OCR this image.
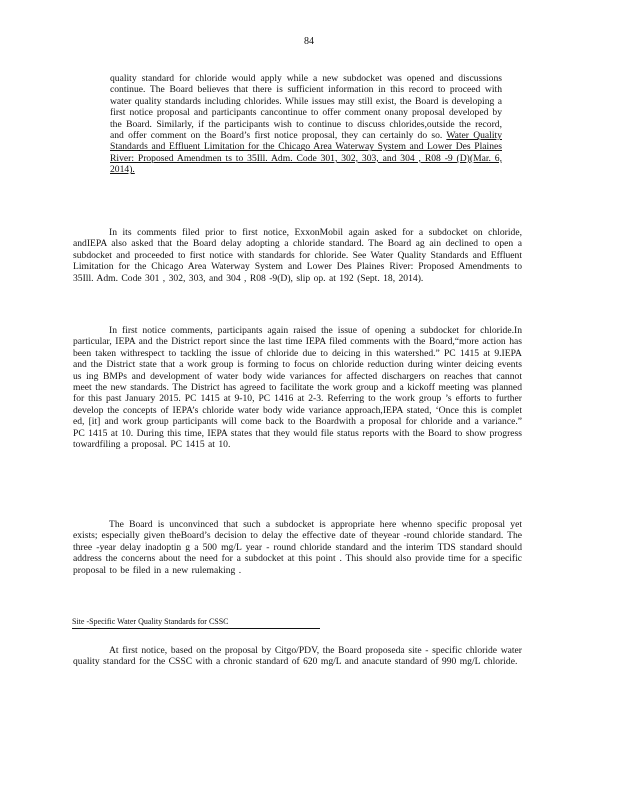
84

quality standard for chloride would apply while a new subdocket was opened and discussions continue. The Board believes that there is sufficient information in this record to proceed with water quality standards including chlorides. While issues may still exist, the Board is developing a first notice proposal and participants cancontinue to offer comment onany proposal developed by the Board. Similarly, if the participants wish to continue to discuss chlorides,outside the record, and offer comment on the Board’s first notice proposal, they can certainly do so. Water Quality Standards and Effluent Limitation for the Chicago Area Waterway System and Lower Des Plaines River: Proposed Amendmen ts to 35Ill. Adm. Code 301, 302, 303, and 304 , R08 -9 (D)(Mar. 6, 2014).

In its comments filed prior to first notice, ExxonMobil again asked for a subdocket on chloride, andIEPA also asked that the Board delay adopting a chloride standard. The Board ag ain declined to open a subdocket and proceeded to first notice with standards for chloride. See Water Quality Standards and Effluent Limitation for the Chicago Area Waterway System and Lower Des Plaines River: Proposed Amendments to 35Ill. Adm. Code 301 , 302, 303, and 304 , R08 -9(D), slip op. at 192 (Sept. 18, 2014).

In first notice comments, participants again raised the issue of opening a subdocket for chloride.In particular, IEPA and the District report since the last time IEPA filed comments with the Board,“more action has been taken withrespect to tackling the issue of chloride due to deicing in this watershed.” PC 1415 at 9.IEPA and the District state that a work group is forming to focus on chloride reduction during winter deicing events us ing BMPs and development of water body wide variances for affected dischargers on reaches that cannot meet the new standards. The District has agreed to facilitate the work group and a kickoff meeting was planned for this past January 2015. PC 1415 at 9-10, PC 1416 at 2-3. Referring to the work group ’s efforts to further develop the concepts of IEPA’s chloride water body wide variance approach,IEPA stated, ‘Once this is complet ed, [it] and work group participants will come back to the Boardwith a proposal for chloride and a variance.” PC 1415 at 10. During this time, IEPA states that they would file status reports with the Board to show progress towardfiling a proposal. PC 1415 at 10.

The Board is unconvinced that such a subdocket is appropriate here whenno specific proposal yet exists; especially given theBoard’s decision to delay the effective date of theyear -round chloride standard. The three -year delay inadoptin g a 500 mg/L year - round chloride standard and the interim TDS standard should address the concerns about the need for a subdocket at this point . This should also provide time for a specific proposal to be filed in a new rulemaking .

Site -Specific Water Quality Standards for CSSC

At first notice, based on the proposal by Citgo/PDV, the Board proposeda site - specific chloride water quality standard for the CSSC with a chronic standard of 620 mg/L and anacute standard of 990 mg/L chloride.
